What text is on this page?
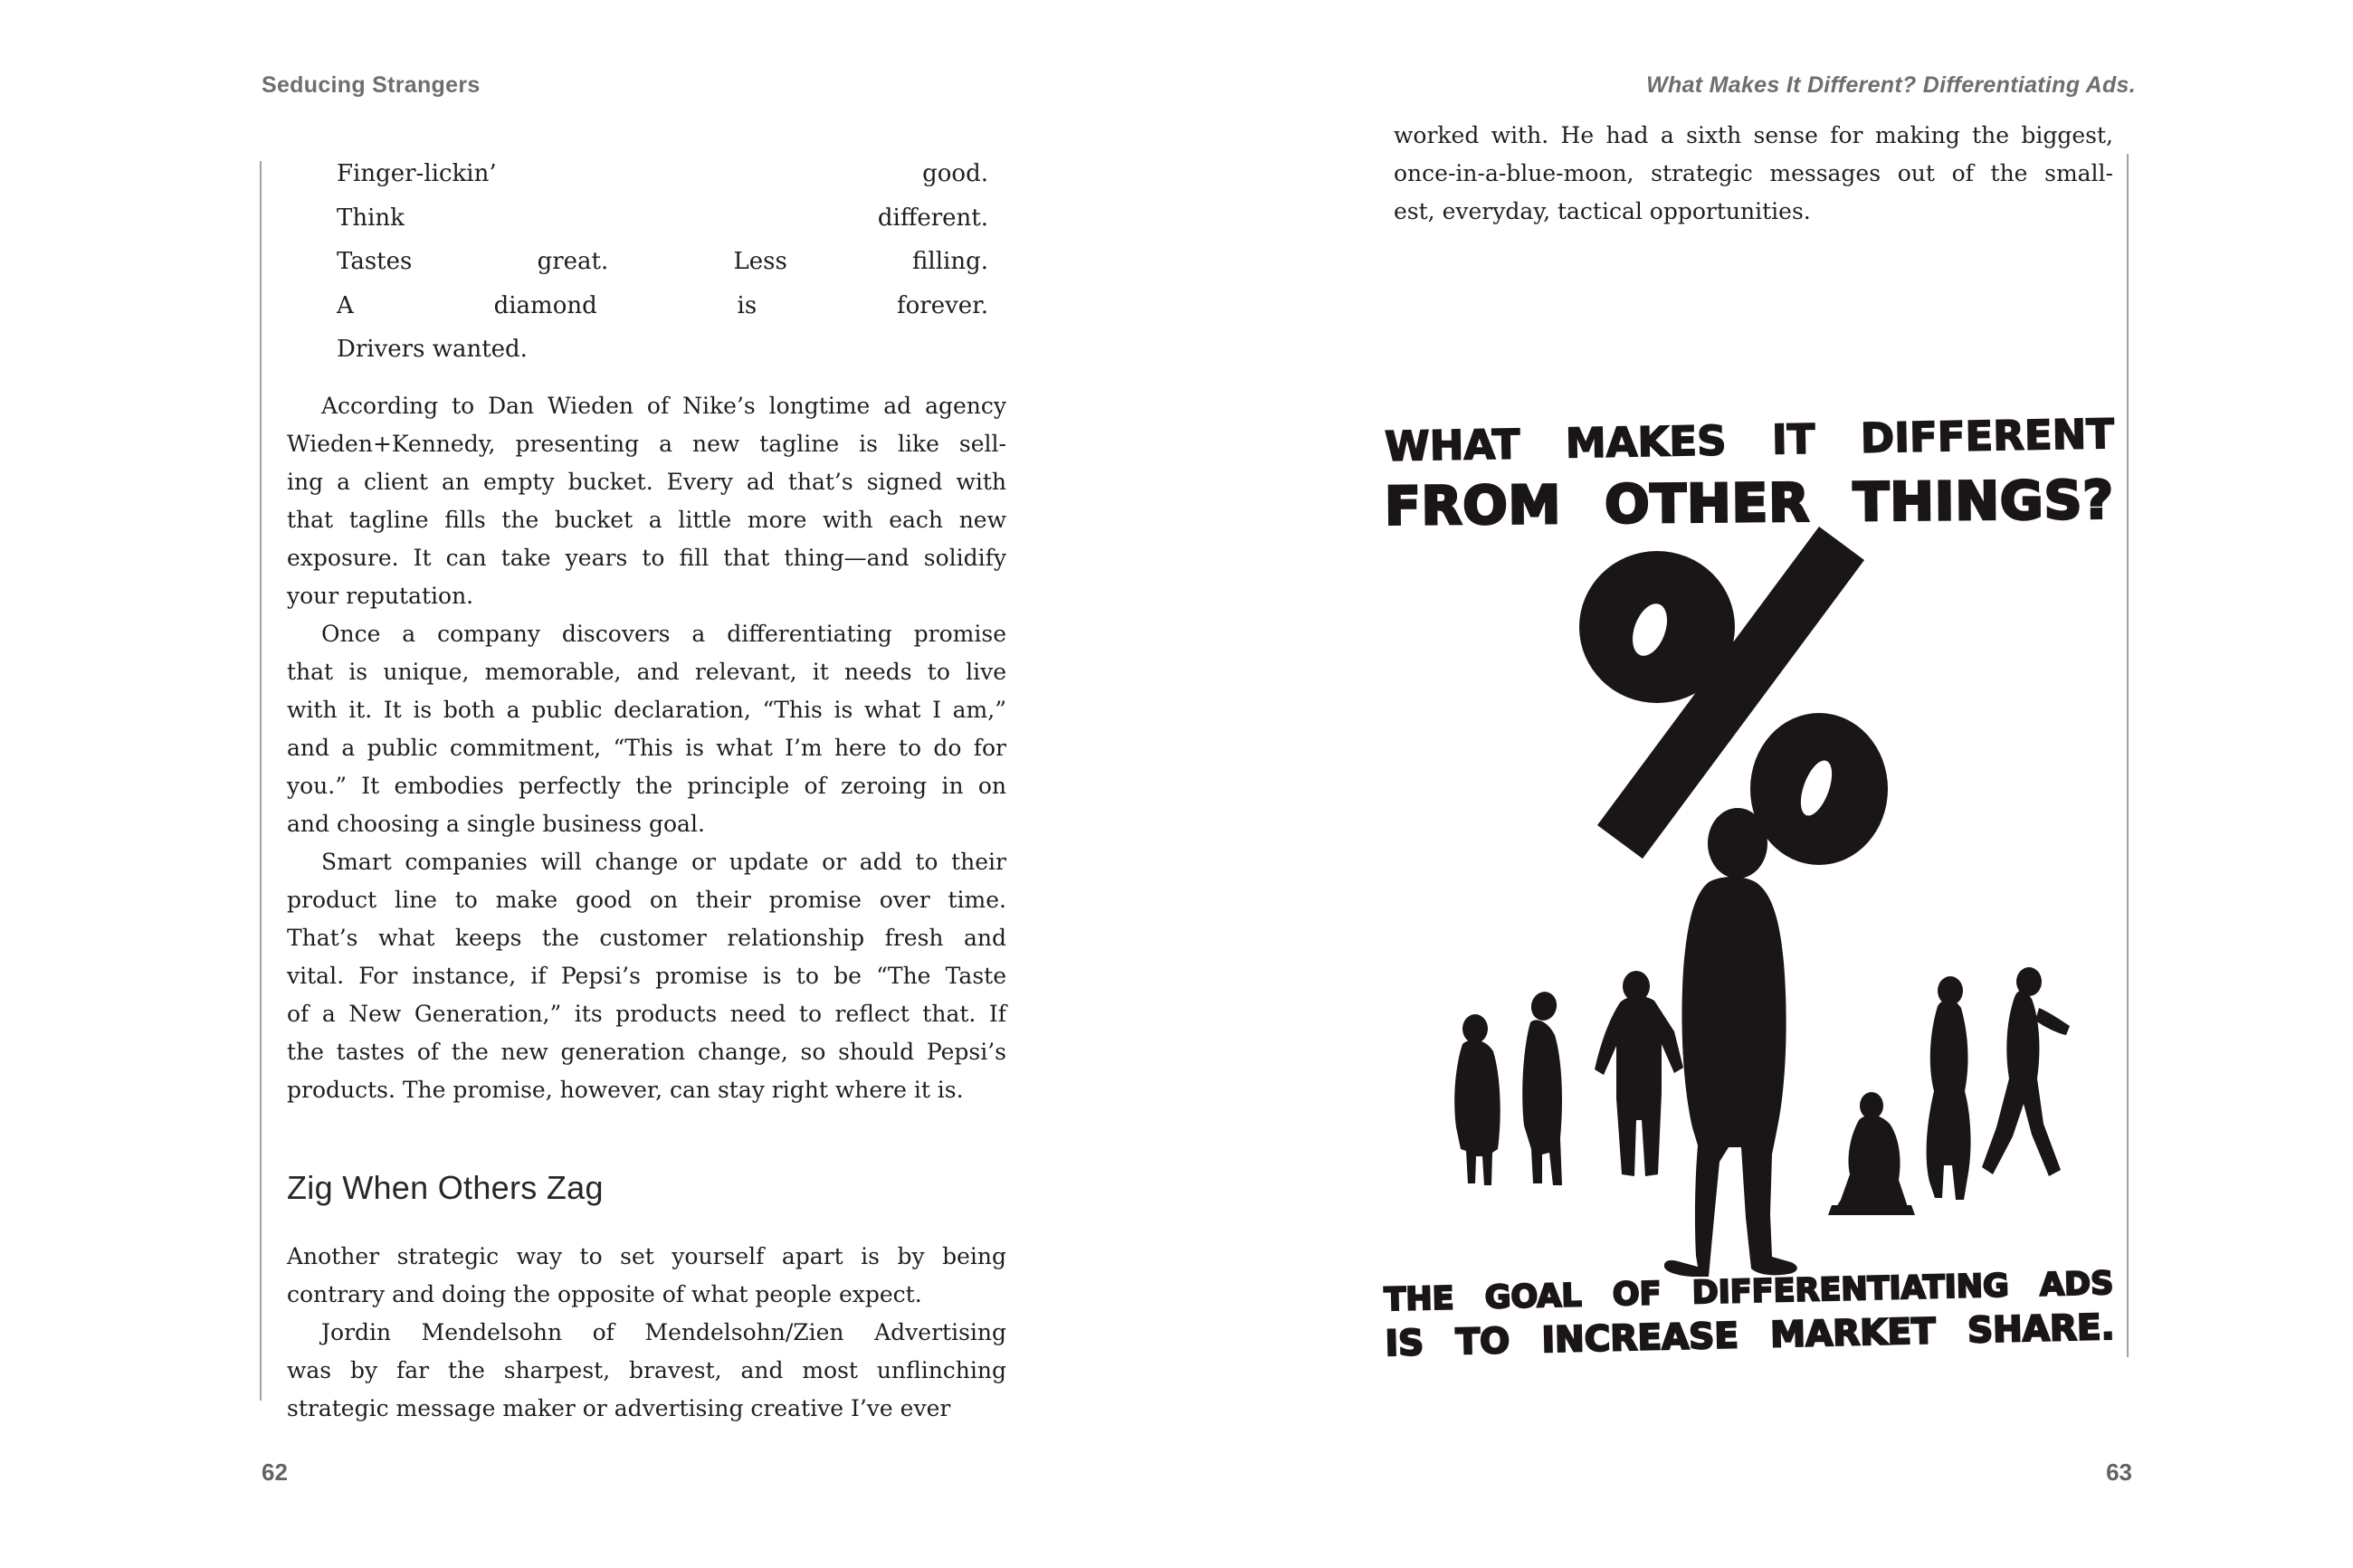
Seducing Strangers
Finger-lickin’ good.
Think different.
Tastes great. Less filling.
A diamond is forever.
Drivers wanted.
According to Dan Wieden of Nike’s longtime ad agency
Wieden+Kennedy, presenting a new tagline is like sell-
ing a client an empty bucket. Every ad that’s signed with
that tagline fills the bucket a little more with each new
exposure. It can take years to fill that thing—and solidify
your reputation.
Once a company discovers a differentiating promise
that is unique, memorable, and relevant, it needs to live
with it. It is both a public declaration, “This is what I am,”
and a public commitment, “This is what I’m here to do for
you.” It embodies perfectly the principle of zeroing in on
and choosing a single business goal.
Smart companies will change or update or add to their
product line to make good on their promise over time.
That’s what keeps the customer relationship fresh and
vital. For instance, if Pepsi’s promise is to be “The Taste
of a New Generation,” its products need to reflect that. If
the tastes of the new generation change, so should Pepsi’s
products. The promise, however, can stay right where it is.
Zig When Others Zag
Another strategic way to set yourself apart is by being
contrary and doing the opposite of what people expect.
Jordin Mendelsohn of Mendelsohn/Zien Advertising
was by far the sharpest, bravest, and most unflinching
strategic message maker or advertising creative I’ve ever
62
What Makes It Different? Differentiating Ads.
worked with. He had a sixth sense for making the biggest,
once-in-a-blue-moon, strategic messages out of the small-
est, everyday, tactical opportunities.
WHAT MAKES IT DIFFERENT
FROM OTHER THINGS?
THE GOAL OF DIFFERENTIATING ADS
IS TO INCREASE MARKET SHARE.
63
